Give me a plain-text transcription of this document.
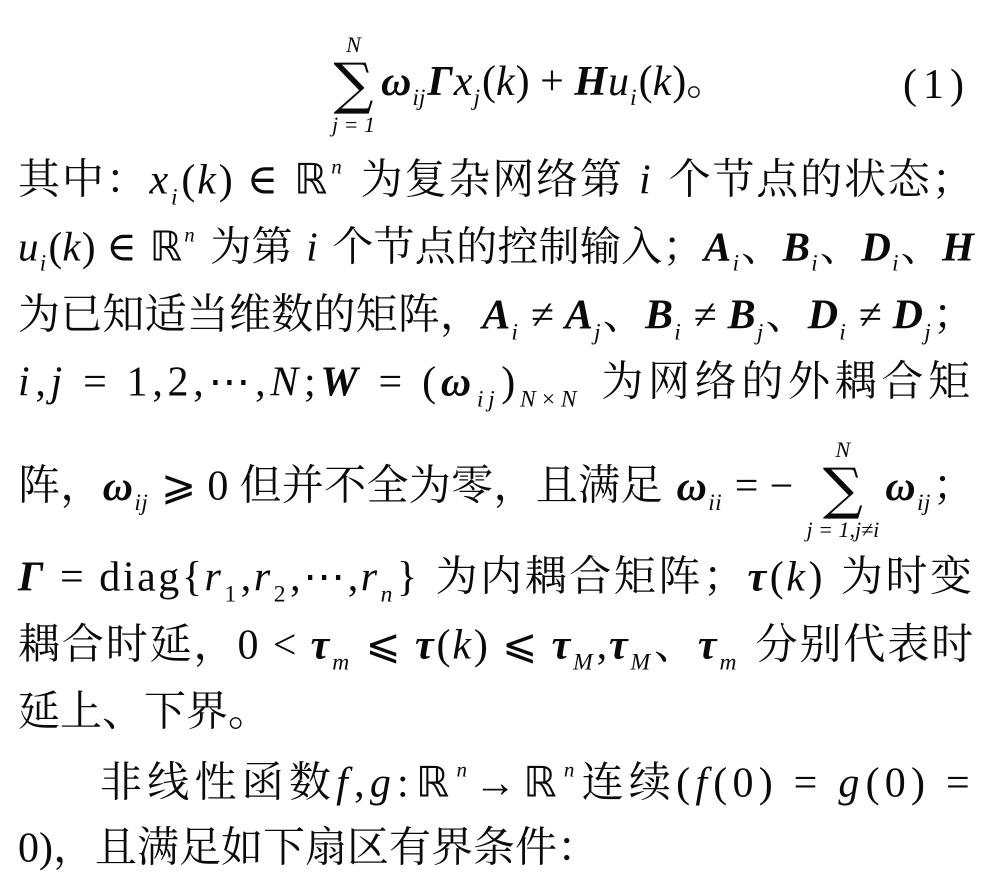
N
∑
j = 1
$\omega_{ij}\Gamma x_j(k) + Hu_i(k)$。	(1)
其中：$x_i(k)$ ∈ ℝ$^n$ 为复杂网络第 i 个节点的状态；
$u_i(k)$ ∈ ℝ$^n$ 为第 i 个节点的控制输入；$A_i$、$B_i$、$D_i$、H
为已知适当维数的矩阵，$A_i \ne A_j$、$B_i \ne B_j$、$D_i \ne D_j$；
i,j = 1,2,⋯,N;W = $(\omega_{ij})_{N\times N}$ 为网络的外耦合矩
阵，$\omega_{ij}$ ⩾ 0 但并不全为零，且满足 $\omega_{ii}$ = −
N
∑
j = 1,j≠i
$\omega_{ij}$；
$\Gamma = diag\{r_1,r_2,\cdots,r_n\}$ 为内耦合矩阵；τ(k) 为时变
耦合时延，$0 < \tau_m$ ⩽ τ(k) ⩽ $\tau_M,\tau_M$、$\tau_m$ 分别代表时
延上、下界。
非线性函数f,g:ℝ$^n$→ℝ$^n$连续(f(0) = g(0) =
0)，且满足如下扇区有界条件：
